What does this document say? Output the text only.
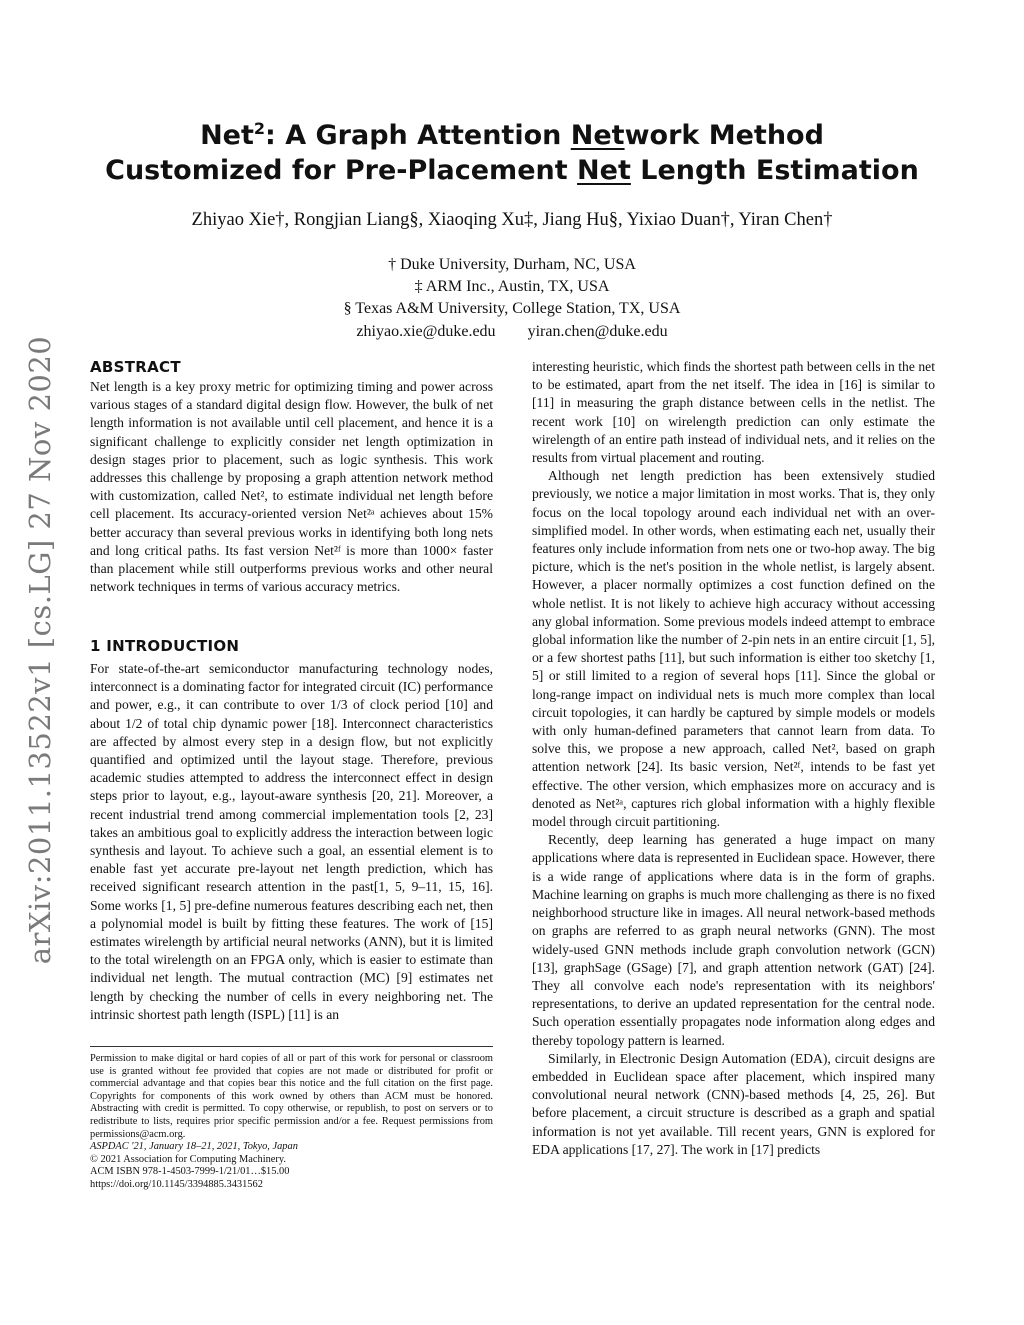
arXiv:2011.13522v1 [cs.LG] 27 Nov 2020
Net$^2$: A Graph Attention Network Method
Customized for Pre-Placement Net Length Estimation
Zhiyao Xie†, Rongjian Liang§, Xiaoqing Xu‡, Jiang Hu§, Yixiao Duan†, Yiran Chen†
† Duke University, Durham, NC, USA
‡ ARM Inc., Austin, TX, USA
§ Texas A&M University, College Station, TX, USA
zhiyao.xie@duke.edu yiran.chen@duke.edu
ABSTRACT

Net length is a key proxy metric for optimizing timing and power across various stages of a standard digital design flow. However, the bulk of net length information is not available until cell placement, and hence it is a significant challenge to explicitly consider net length optimization in design stages prior to placement, such as logic synthesis. This work addresses this challenge by proposing a graph attention network method with customization, called Net², to estimate individual net length before cell placement. Its accuracy-oriented version Net²ᵃ achieves about 15% better accuracy than several previous works in identifying both long nets and long critical paths. Its fast version Net²ᶠ is more than 1000× faster than placement while still outperforms previous works and other neural network techniques in terms of various accuracy metrics.

1 INTRODUCTION

For state-of-the-art semiconductor manufacturing technology nodes, interconnect is a dominating factor for integrated circuit (IC) performance and power, e.g., it can contribute to over 1/3 of clock period [10] and about 1/2 of total chip dynamic power [18]. Interconnect characteristics are affected by almost every step in a design flow, but not explicitly quantified and optimized until the layout stage. Therefore, previous academic studies attempted to address the interconnect effect in design steps prior to layout, e.g., layout-aware synthesis [20, 21]. Moreover, a recent industrial trend among commercial implementation tools [2, 23] takes an ambitious goal to explicitly address the interaction between logic synthesis and layout. To achieve such a goal, an essential element is to enable fast yet accurate pre-layout net length prediction, which has received significant research attention in the past[1, 5, 9–11, 15, 16]. Some works [1, 5] pre-define numerous features describing each net, then a polynomial model is built by fitting these features. The work of [15] estimates wirelength by artificial neural networks (ANN), but it is limited to the total wirelength on an FPGA only, which is easier to estimate than individual net length. The mutual contraction (MC) [9] estimates net length by checking the number of cells in every neighboring net. The intrinsic shortest path length (ISPL) [11] is an

Permission to make digital or hard copies of all or part of this work for personal or classroom use is granted without fee provided that copies are not made or distributed for profit or commercial advantage and that copies bear this notice and the full citation on the first page. Copyrights for components of this work owned by others than ACM must be honored. Abstracting with credit is permitted. To copy otherwise, or republish, to post on servers or to redistribute to lists, requires prior specific permission and/or a fee. Request permissions from permissions@acm.org.

ASPDAC '21, January 18–21, 2021, Tokyo, Japan

© 2021 Association for Computing Machinery.

ACM ISBN 978-1-4503-7999-1/21/01…$15.00

https://doi.org/10.1145/3394885.3431562

interesting heuristic, which finds the shortest path between cells in the net to be estimated, apart from the net itself. The idea in [16] is similar to [11] in measuring the graph distance between cells in the netlist. The recent work [10] on wirelength prediction can only estimate the wirelength of an entire path instead of individual nets, and it relies on the results from virtual placement and routing.

Although net length prediction has been extensively studied previously, we notice a major limitation in most works. That is, they only focus on the local topology around each individual net with an over-simplified model. In other words, when estimating each net, usually their features only include information from nets one or two-hop away. The big picture, which is the net's position in the whole netlist, is largely absent. However, a placer normally optimizes a cost function defined on the whole netlist. It is not likely to achieve high accuracy without accessing any global information. Some previous models indeed attempt to embrace global information like the number of 2-pin nets in an entire circuit [1, 5], or a few shortest paths [11], but such information is either too sketchy [1, 5] or still limited to a region of several hops [11]. Since the global or long-range impact on individual nets is much more complex than local circuit topologies, it can hardly be captured by simple models or models with only human-defined parameters that cannot learn from data. To solve this, we propose a new approach, called Net², based on graph attention network [24]. Its basic version, Net²ᶠ, intends to be fast yet effective. The other version, which emphasizes more on accuracy and is denoted as Net²ᵃ, captures rich global information with a highly flexible model through circuit partitioning.

Recently, deep learning has generated a huge impact on many applications where data is represented in Euclidean space. However, there is a wide range of applications where data is in the form of graphs. Machine learning on graphs is much more challenging as there is no fixed neighborhood structure like in images. All neural network-based methods on graphs are referred to as graph neural networks (GNN). The most widely-used GNN methods include graph convolution network (GCN) [13], graphSage (GSage) [7], and graph attention network (GAT) [24]. They all convolve each node's representation with its neighbors' representations, to derive an updated representation for the central node. Such operation essentially propagates node information along edges and thereby topology pattern is learned.

Similarly, in Electronic Design Automation (EDA), circuit designs are embedded in Euclidean space after placement, which inspired many convolutional neural network (CNN)-based methods [4, 25, 26]. But before placement, a circuit structure is described as a graph and spatial information is not yet available. Till recent years, GNN is explored for EDA applications [17, 27]. The work in [17] predicts
